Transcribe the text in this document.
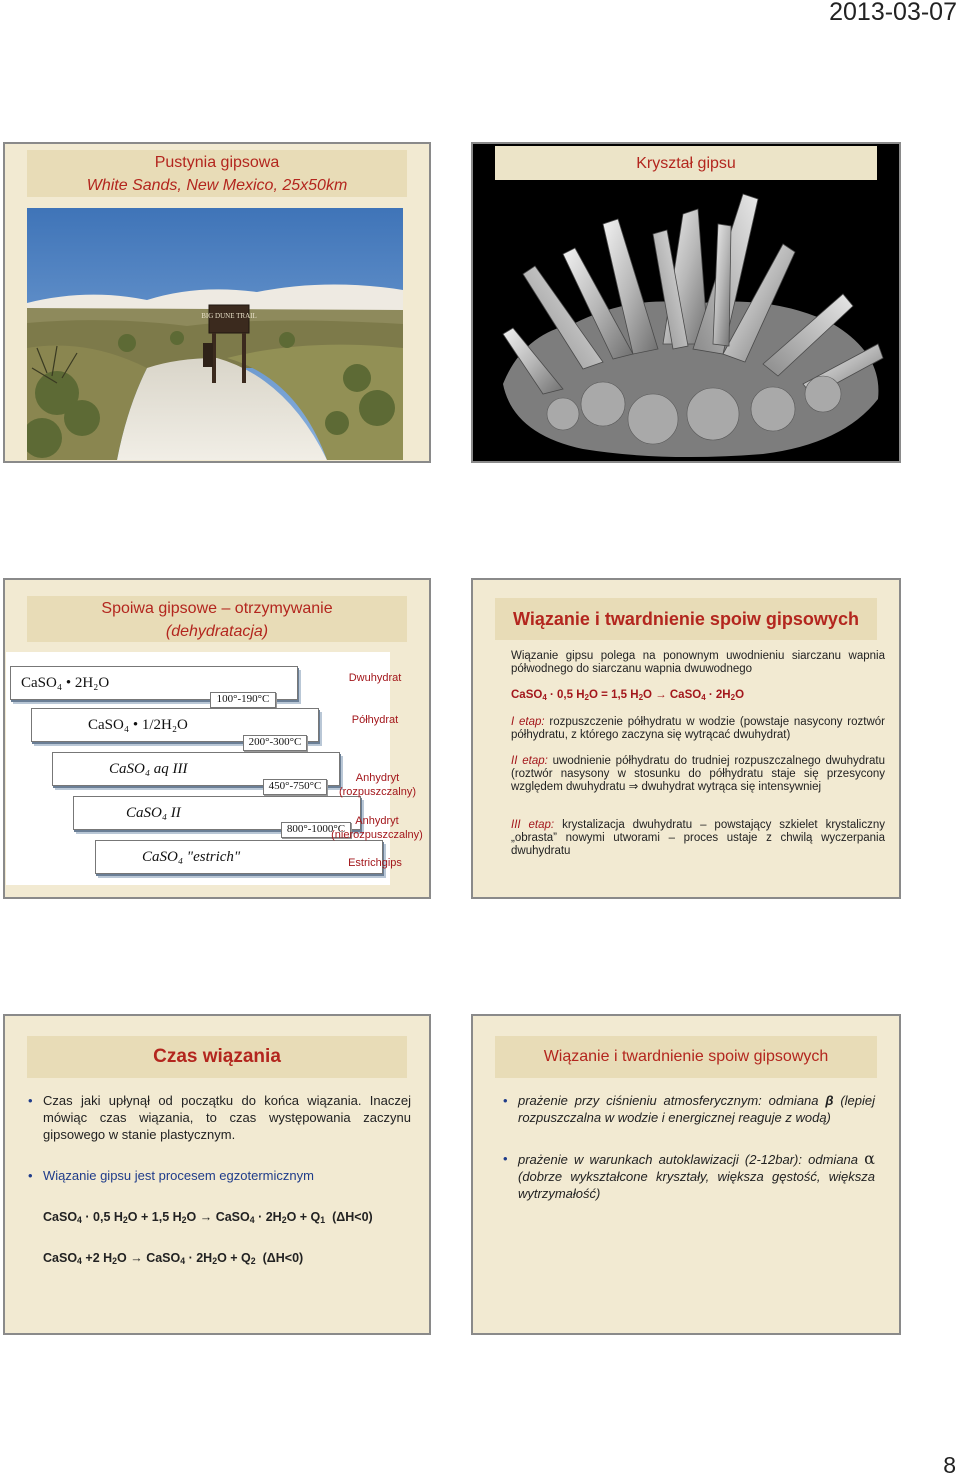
2013-03-07
Pustynia gipsowa
White Sands, New Mexico, 25x50km
BIG DUNE TRAIL
Kryształ gipsu
Spoiwa gipsowe – otrzymywanie
(dehydratacja)
CaSO₄ • 2H₂O
100°-190°C
CaSO₄ • 1/2H₂O
200°-300°C
CaSO₄ aq III
450°-750°C
CaSO₄ II
800°-1000°C
CaSO₄ "estrich"
Dwuhydrat
Półhydrat
Anhydryt (rozpuszczalny)
Anhydryt (nierozpuszczalny)
Estrichgips
Wiązanie i twardnienie spoiw gipsowych
Wiązanie gipsu polega na ponownym uwodnieniu siarczanu wapnia półwodnego do siarczanu wapnia dwuwodnego
CaSO$_4$ · 0,5 $H_2O = 1,5$ $H_2O$ → CaSO$_4$ · $2H_2O$
I etap: rozpuszczenie półhydratu w wodzie (powstaje nasycony roztwór półhydratu, z którego zaczyna się wytrącać dwuhydrat)
II etap: uwodnienie półhydratu do trudniej rozpuszczalnego dwuhydratu (roztwór nasysony w stosunku do półhydratu staje się przesycony względem dwuhydratu ⇒ dwuhydrat wytrąca się intensywniej
III etap: krystalizacja dwuhydratu – powstający szkielet krystaliczny „obrasta” nowymi utworami – proces ustaje z chwilą wyczerpania dwuhydratu
Czas wiązania
• Czas jaki upłynął od początku do końca wiązania. Inaczej mówiąc czas wiązania, to czas występowania zaczynu gipsowego w stanie plastycznym.
• Wiązanie gipsu jest procesem egzotermicznym
CaSO$_4$ · 0,5 $H_2O + 1,5$ $H_2O$ → CaSO$_4$ · $2H_2O + Q_1$  (ΔH<0)
CaSO$_4$ +2 $H_2O$ → CaSO$_4$ · $2H_2O + Q_2$  (ΔH<0)
Wiązanie i twardnienie spoiw gipsowych
• prażenie przy ciśnieniu atmosferycznym: odmiana β (lepiej rozpuszczalna w wodzie i energicznej reaguje z wodą)
• prażenie w warunkach autoklawizacji (2-12bar): odmiana α (dobrze wykształcone kryształy, większa gęstość, większa wytrzymałość)
8
